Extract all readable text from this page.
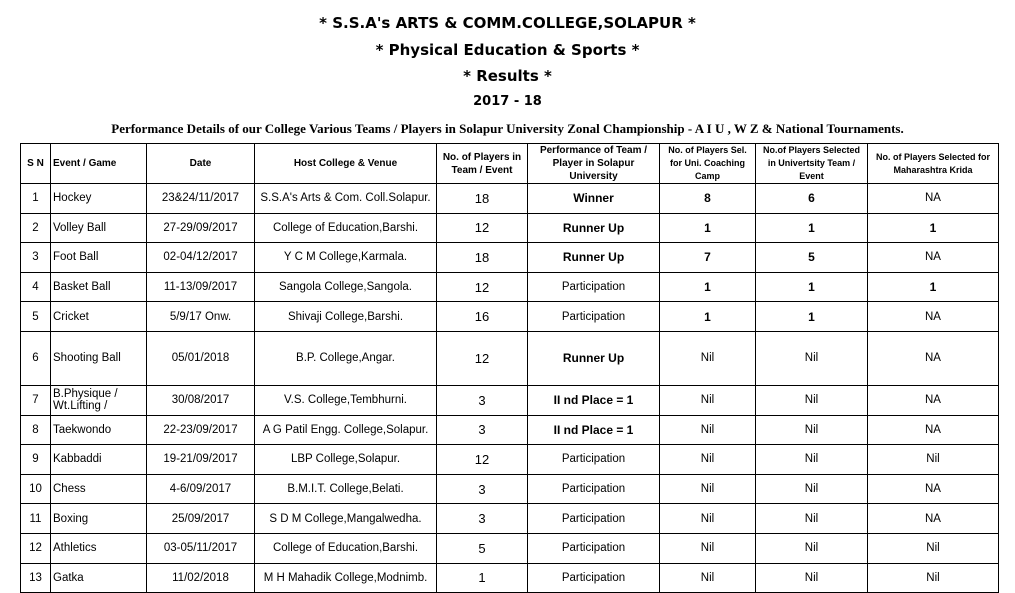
* S.S.A's ARTS & COMM.COLLEGE,SOLAPUR *
* Physical Education & Sports *
* Results *
2017 - 18
Performance Details of our College Various Teams / Players in Solapur University Zonal Championship - A I U , W Z & National Tournaments.
S N	Event / Game	Date	Host College & Venue	No. of Players in Team / Event	Performance of Team / Player in Solapur University	No. of Players Sel. for Uni. Coaching Camp	No.of Players Selected in Univertsity Team / Event	No. of Players Selected for Maharashtra Krida
1	Hockey	23&24/11/2017	S.S.A's Arts & Com. Coll.Solapur.	18	Winner	8	6	NA
2	Volley Ball	27-29/09/2017	College of Education,Barshi.	12	Runner Up	1	1	1
3	Foot Ball	02-04/12/2017	Y C M College,Karmala.	18	Runner Up	7	5	NA
4	Basket Ball	11-13/09/2017	Sangola College,Sangola.	12	Participation	1	1	1
5	Cricket	5/9/17 Onw.	Shivaji College,Barshi.	16	Participation	1	1	NA
6	Shooting Ball	05/01/2018	B.P. College,Angar.	12	Runner Up	Nil	Nil	NA
7	B.Physique / Wt.Lifting /	30/08/2017	V.S. College,Tembhurni.	3	II nd Place = 1	Nil	Nil	NA
8	Taekwondo	22-23/09/2017	A G Patil Engg. College,Solapur.	3	II nd Place = 1	Nil	Nil	NA
9	Kabbaddi	19-21/09/2017	LBP College,Solapur.	12	Participation	Nil	Nil	Nil
10	Chess	4-6/09/2017	B.M.I.T. College,Belati.	3	Participation	Nil	Nil	NA
11	Boxing	25/09/2017	S D M College,Mangalwedha.	3	Participation	Nil	Nil	NA
12	Athletics	03-05/11/2017	College of Education,Barshi.	5	Participation	Nil	Nil	Nil
13	Gatka	11/02/2018	M H Mahadik College,Modnimb.	1	Participation	Nil	Nil	Nil
